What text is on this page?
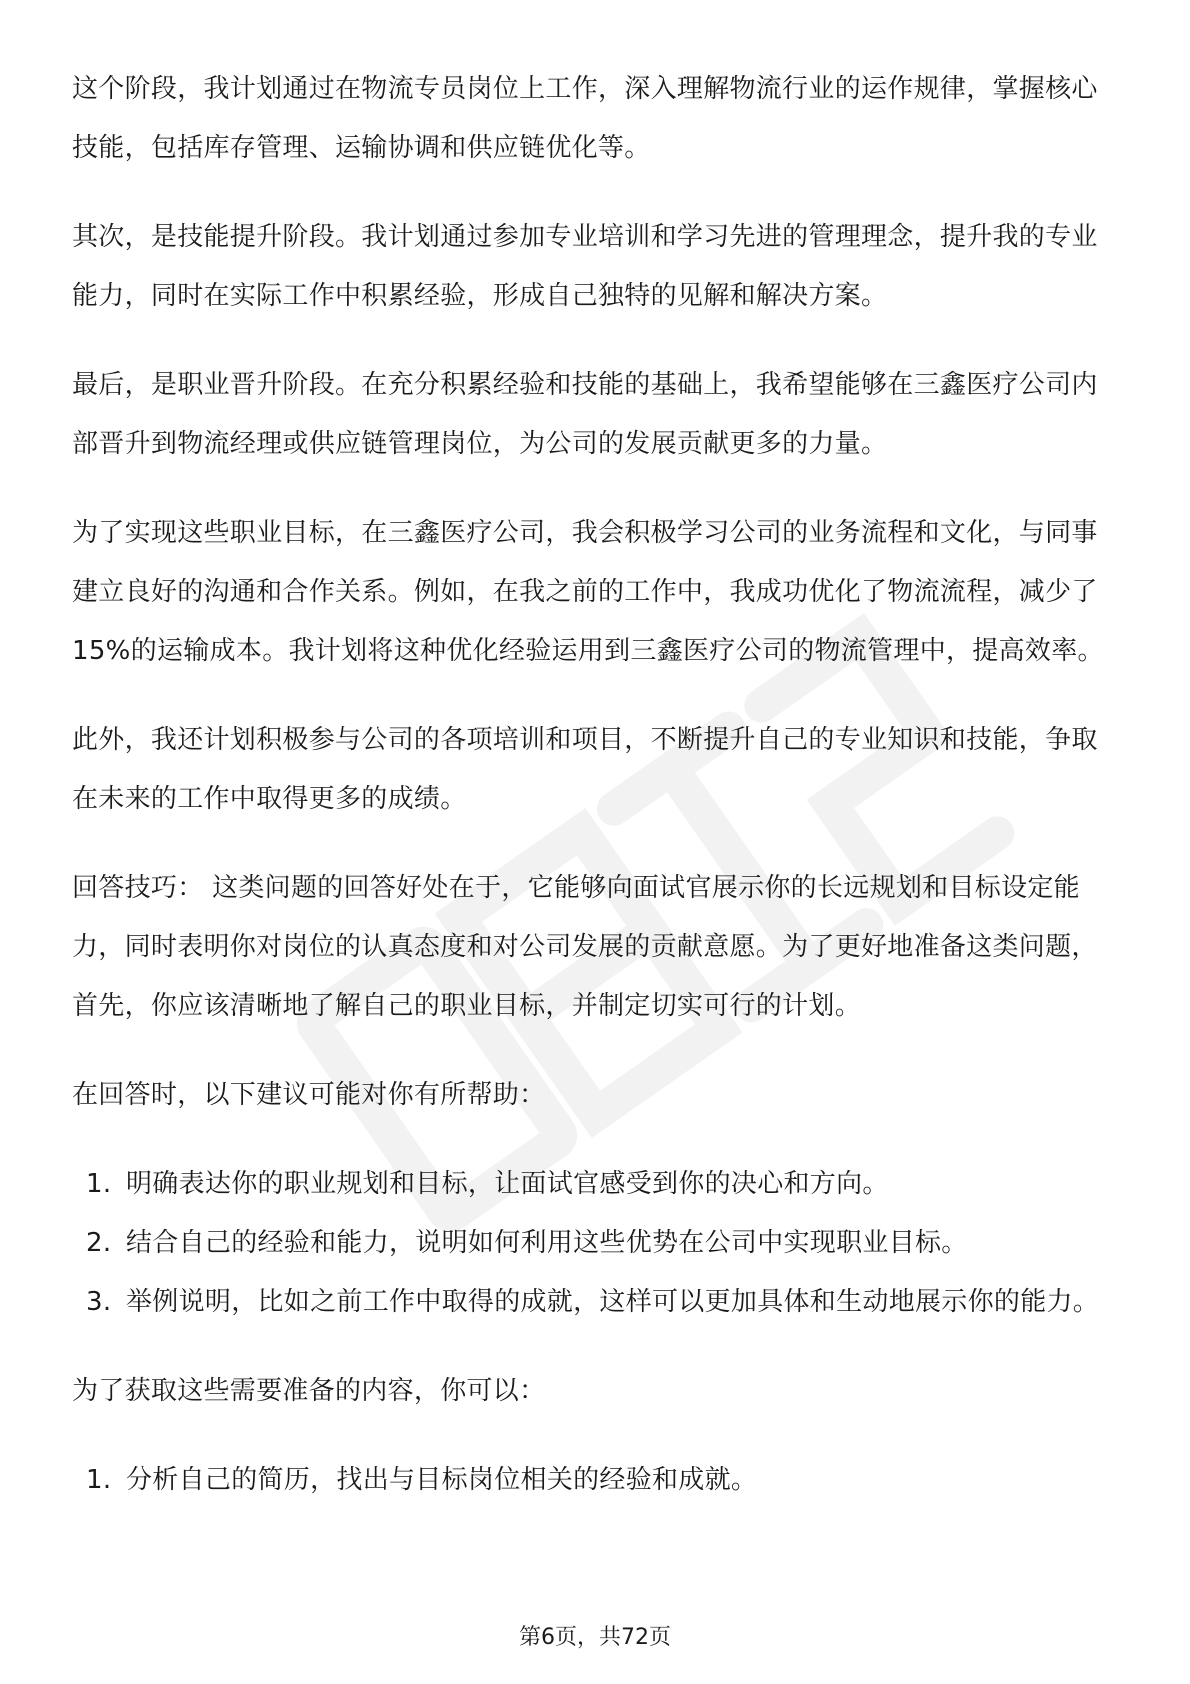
这个阶段，我计划通过在物流专员岗位上工作，深入理解物流行业的运作规律，掌握核心技能，包括库存管理、运输协调和供应链优化等。

其次，是技能提升阶段。我计划通过参加专业培训和学习先进的管理理念，提升我的专业能力，同时在实际工作中积累经验，形成自己独特的见解和解决方案。

最后，是职业晋升阶段。在充分积累经验和技能的基础上，我希望能够在三鑫医疗公司内部晋升到物流经理或供应链管理岗位，为公司的发展贡献更多的力量。

为了实现这些职业目标，在三鑫医疗公司，我会积极学习公司的业务流程和文化，与同事建立良好的沟通和合作关系。例如，在我之前的工作中，我成功优化了物流流程，减少了15%的运输成本。我计划将这种优化经验运用到三鑫医疗公司的物流管理中，提高效率。

此外，我还计划积极参与公司的各项培训和项目，不断提升自己的专业知识和技能，争取在未来的工作中取得更多的成绩。

回答技巧： 这类问题的回答好处在于，它能够向面试官展示你的长远规划和目标设定能力，同时表明你对岗位的认真态度和对公司发展的贡献意愿。为了更好地准备这类问题，首先，你应该清晰地了解自己的职业目标，并制定切实可行的计划。

在回答时，以下建议可能对你有所帮助：

1. 明确表达你的职业规划和目标，让面试官感受到你的决心和方向。
2. 结合自己的经验和能力，说明如何利用这些优势在公司中实现职业目标。
3. 举例说明，比如之前工作中取得的成就，这样可以更加具体和生动地展示你的能力。

为了获取这些需要准备的内容，你可以：

1. 分析自己的简历，找出与目标岗位相关的经验和成就。
第6页，共72页
